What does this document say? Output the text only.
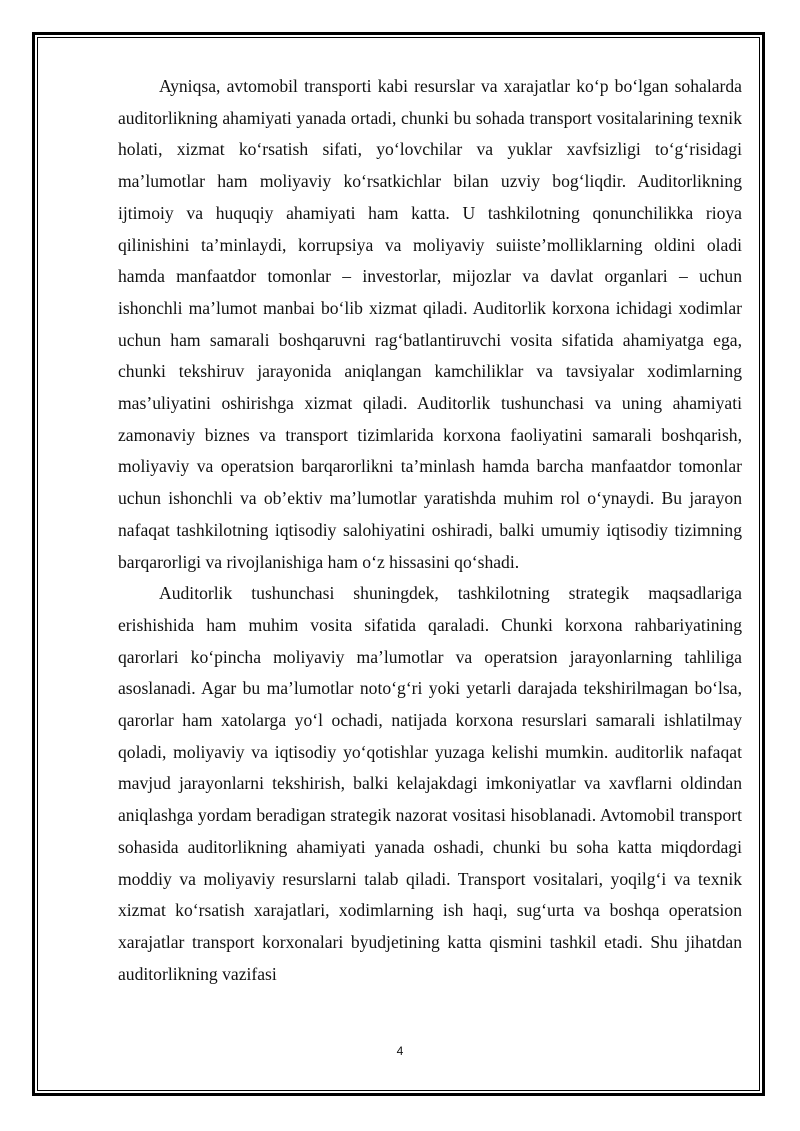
Ayniqsa, avtomobil transporti kabi resurslar va xarajatlar ko‘p bo‘lgan sohalarda auditorlikning ahamiyati yanada ortadi, chunki bu sohada transport vositalarining texnik holati, xizmat ko‘rsatish sifati, yo‘lovchilar va yuklar xavfsizligi to‘g‘risidagi ma’lumotlar ham moliyaviy ko‘rsatkichlar bilan uzviy bog‘liqdir. Auditorlikning ijtimoiy va huquqiy ahamiyati ham katta. U tashkilotning qonunchilikka rioya qilinishini ta’minlaydi, korrupsiya va moliyaviy suiiste’molliklarning oldini oladi hamda manfaatdor tomonlar – investorlar, mijozlar va davlat organlari – uchun ishonchli ma’lumot manbai bo‘lib xizmat qiladi. Auditorlik korxona ichidagi xodimlar uchun ham samarali boshqaruvni rag‘batlantiruvchi vosita sifatida ahamiyatga ega, chunki tekshiruv jarayonida aniqlangan kamchiliklar va tavsiyalar xodimlarning mas’uliyatini oshirishga xizmat qiladi. Auditorlik tushunchasi va uning ahamiyati zamonaviy biznes va transport tizimlarida korxona faoliyatini samarali boshqarish, moliyaviy va operatsion barqarorlikni ta’minlash hamda barcha manfaatdor tomonlar uchun ishonchli va ob’ektiv ma’lumotlar yaratishda muhim rol o‘ynaydi. Bu jarayon nafaqat tashkilotning iqtisodiy salohiyatini oshiradi, balki umumiy iqtisodiy tizimning barqarorligi va rivojlanishiga ham o‘z hissasini qo‘shadi.

Auditorlik tushunchasi shuningdek, tashkilotning strategik maqsadlariga erishishida ham muhim vosita sifatida qaraladi. Chunki korxona rahbariyatining qarorlari ko‘pincha moliyaviy ma’lumotlar va operatsion jarayonlarning tahliliga asoslanadi. Agar bu ma’lumotlar noto‘g‘ri yoki yetarli darajada tekshirilmagan bo‘lsa, qarorlar ham xatolarga yo‘l ochadi, natijada korxona resurslari samarali ishlatilmay qoladi, moliyaviy va iqtisodiy yo‘qotishlar yuzaga kelishi mumkin. auditorlik nafaqat mavjud jarayonlarni tekshirish, balki kelajakdagi imkoniyatlar va xavflarni oldindan aniqlashga yordam beradigan strategik nazorat vositasi hisoblanadi. Avtomobil transport sohasida auditorlikning ahamiyati yanada oshadi, chunki bu soha katta miqdordagi moddiy va moliyaviy resurslarni talab qiladi. Transport vositalari, yoqilg‘i va texnik xizmat ko‘rsatish xarajatlari, xodimlarning ish haqi, sug‘urta va boshqa operatsion xarajatlar transport korxonalari byudjetining katta qismini tashkil etadi. Shu jihatdan auditorlikning vazifasi

4
